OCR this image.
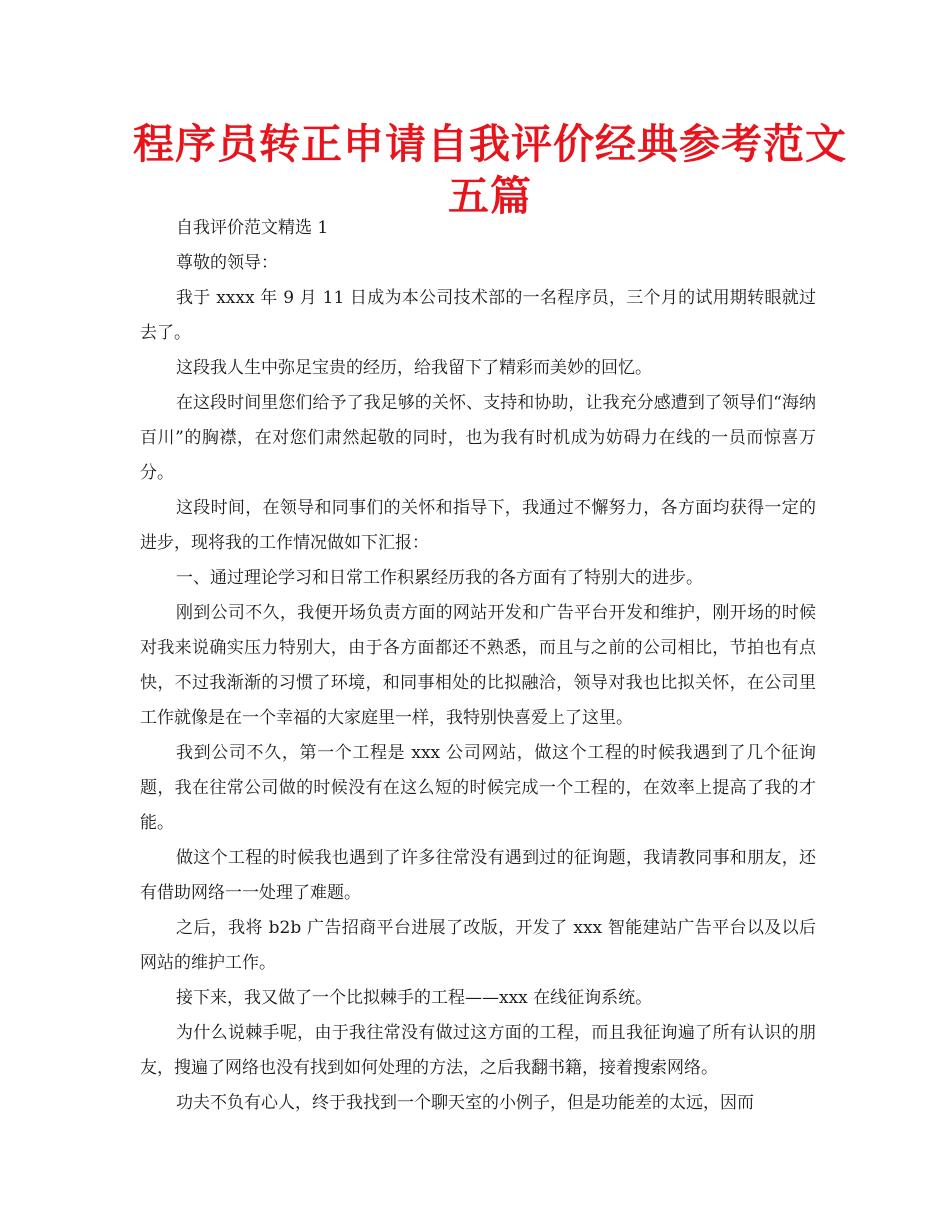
程序员转正申请自我评价经典参考范文五篇

自我评价范文精选 1

尊敬的领导：

我于 xxxx 年 9 月 11 日成为本公司技术部的一名程序员，三个月的试用期转眼就过去了。

这段我人生中弥足宝贵的经历，给我留下了精彩而美妙的回忆。

在这段时间里您们给予了我足够的关怀、支持和协助，让我充分感遭到了领导们“海纳百川”的胸襟，在对您们肃然起敬的同时，也为我有时机成为妨碍力在线的一员而惊喜万分。

这段时间，在领导和同事们的关怀和指导下，我通过不懈努力，各方面均获得一定的进步，现将我的工作情况做如下汇报：

一、通过理论学习和日常工作积累经历我的各方面有了特别大的进步。

刚到公司不久，我便开场负责方面的网站开发和广告平台开发和维护，刚开场的时候对我来说确实压力特别大，由于各方面都还不熟悉，而且与之前的公司相比，节拍也有点快，不过我渐渐的习惯了环境，和同事相处的比拟融洽，领导对我也比拟关怀，在公司里工作就像是在一个幸福的大家庭里一样，我特别快喜爱上了这里。

我到公司不久，第一个工程是 xxx 公司网站，做这个工程的时候我遇到了几个征询题，我在往常公司做的时候没有在这么短的时候完成一个工程的，在效率上提高了我的才能。

做这个工程的时候我也遇到了许多往常没有遇到过的征询题，我请教同事和朋友，还有借助网络一一处理了难题。

之后，我将 b2b 广告招商平台进展了改版，开发了 xxx 智能建站广告平台以及以后网站的维护工作。

接下来，我又做了一个比拟棘手的工程——xxx 在线征询系统。

为什么说棘手呢，由于我往常没有做过这方面的工程，而且我征询遍了所有认识的朋友，搜遍了网络也没有找到如何处理的方法，之后我翻书籍，接着搜索网络。

功夫不负有心人，终于我找到一个聊天室的小例子，但是功能差的太远，因而
